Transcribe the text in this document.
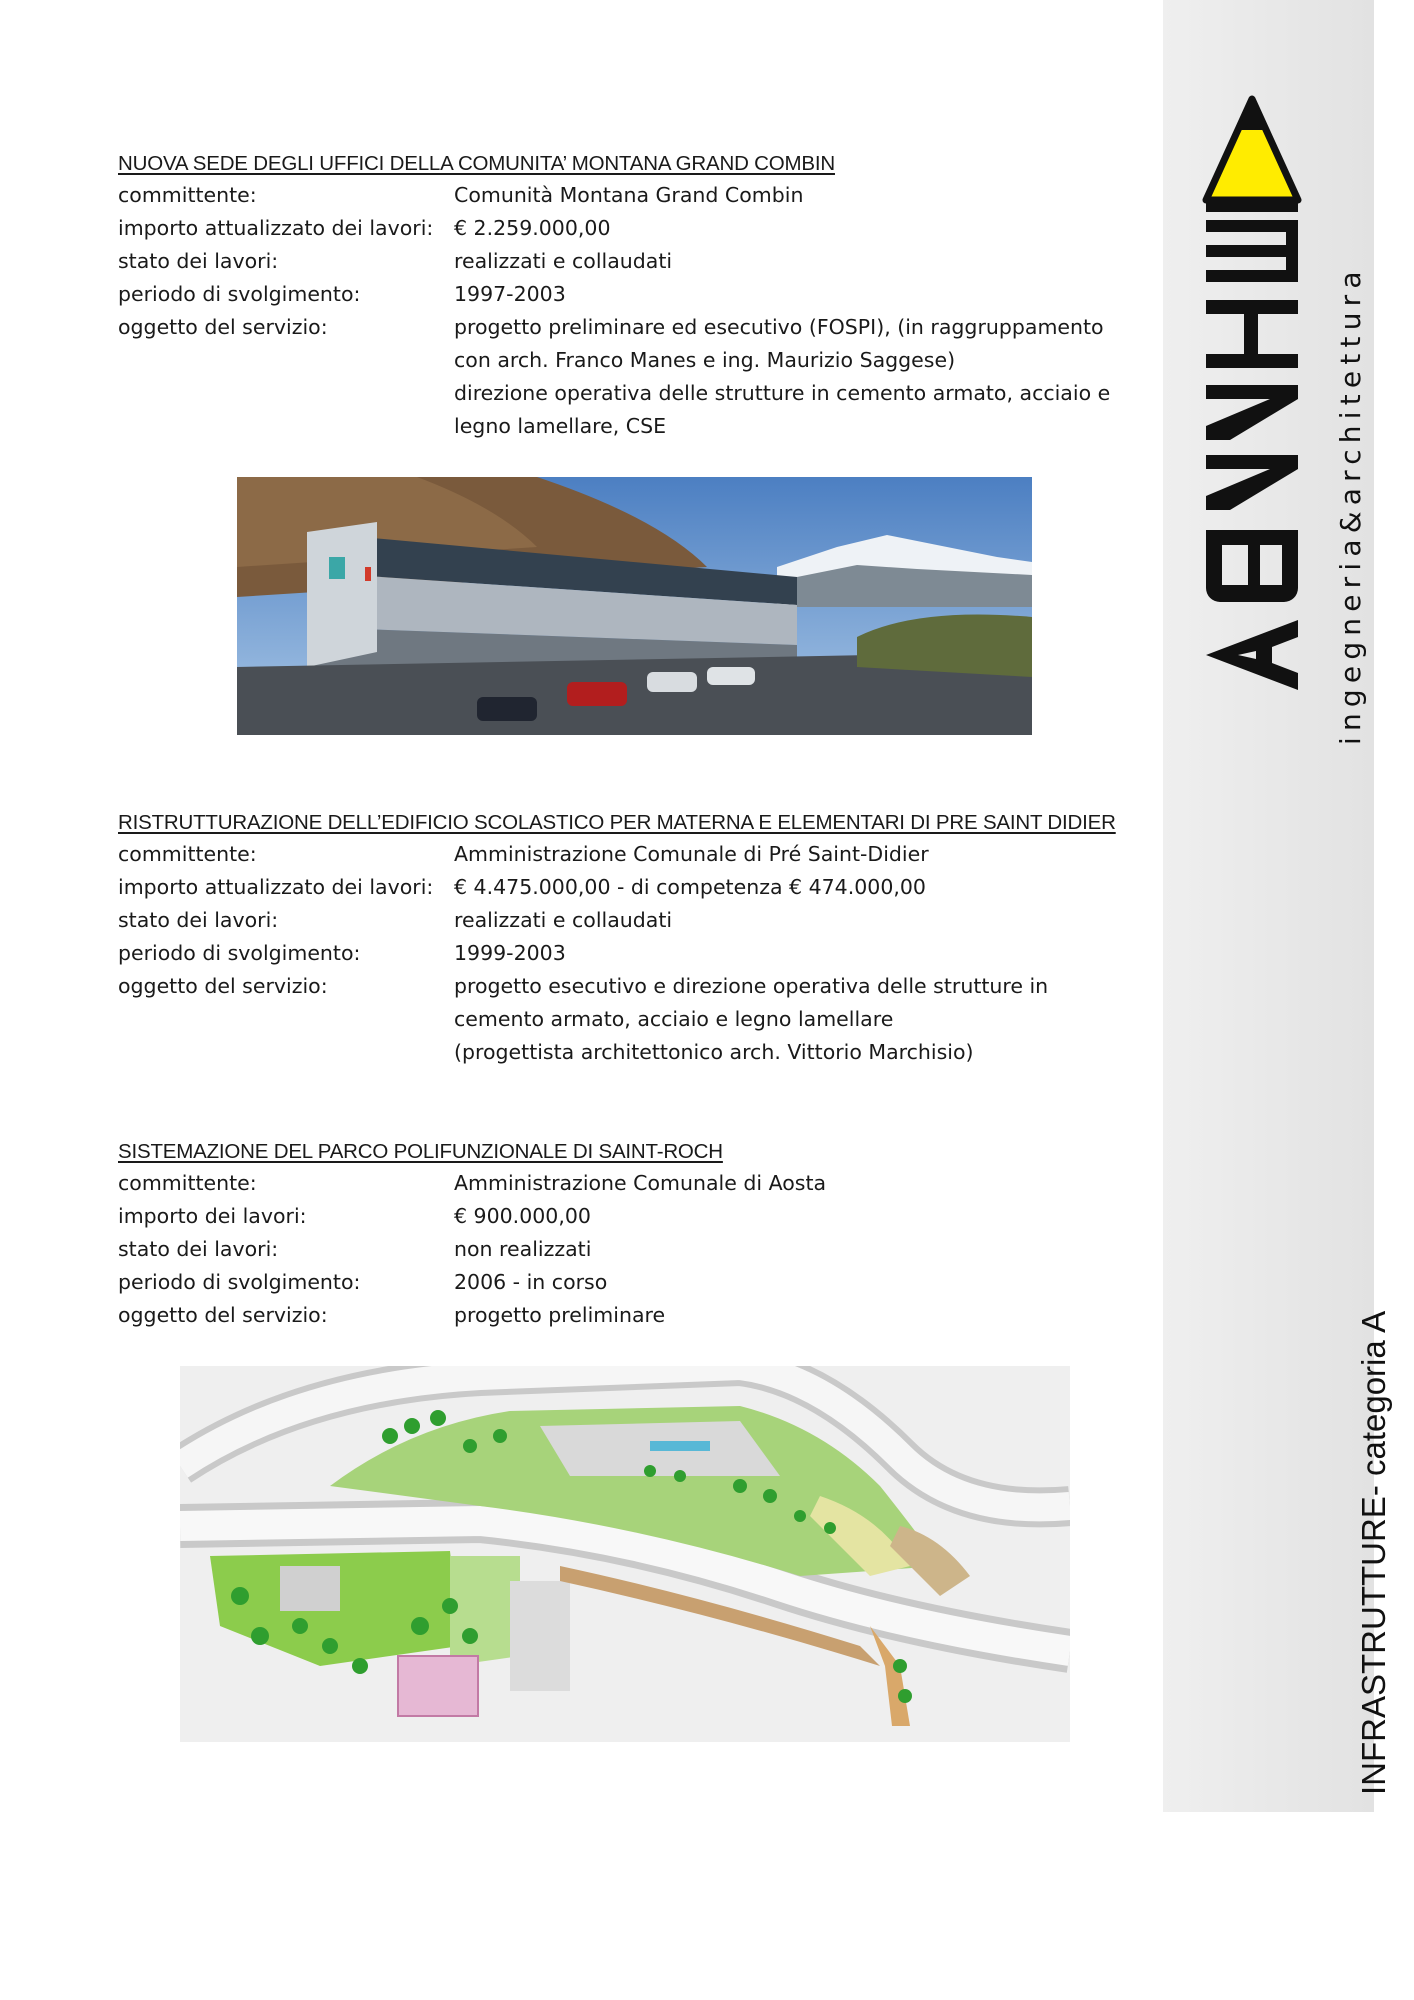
ingegneria&architettura
INFRASTRUTTURE- categoria A
NUOVA SEDE DEGLI UFFICI DELLA COMUNITA’ MONTANA GRAND COMBIN
committente:	Comunità Montana Grand Combin
importo attualizzato dei lavori:	€ 2.259.000,00
stato dei lavori:	realizzati e collaudati
periodo di svolgimento:	1997-2003
oggetto del servizio:	progetto preliminare ed esecutivo (FOSPI), (in raggruppamento
con arch. Franco Manes e ing. Maurizio Saggese)
direzione operativa delle strutture in cemento armato, acciaio e
legno lamellare, CSE
RISTRUTTURAZIONE DELL’EDIFICIO SCOLASTICO PER MATERNA E ELEMENTARI DI PRE SAINT DIDIER
committente:	Amministrazione Comunale di Pré Saint-Didier
importo attualizzato dei lavori:	€ 4.475.000,00 - di competenza € 474.000,00
stato dei lavori:	realizzati e collaudati
periodo di svolgimento:	1999-2003
oggetto del servizio:	progetto esecutivo e direzione operativa delle strutture in
cemento armato, acciaio e legno lamellare
(progettista architettonico arch. Vittorio Marchisio)
SISTEMAZIONE DEL PARCO POLIFUNZIONALE DI SAINT-ROCH
committente:	Amministrazione Comunale di Aosta
importo dei lavori:	€ 900.000,00
stato dei lavori:	non realizzati
periodo di svolgimento:	2006 - in corso
oggetto del servizio:	progetto preliminare
